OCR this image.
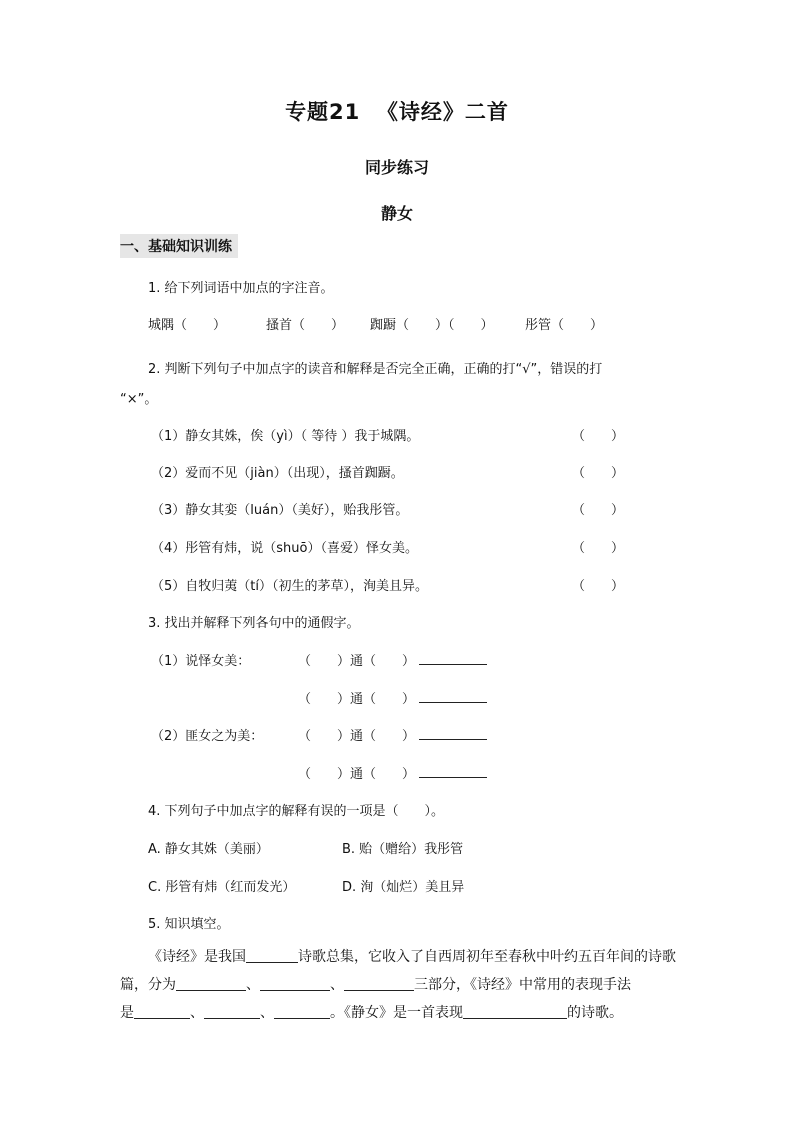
专题21  《诗经》二首
同步练习
静女
一、基础知识训练
1. 给下列词语中加点的字注音。
城隅（　　）	搔首（　　） 踟蹰（　　）（　　） 彤管（　　）
2. 判断下列句子中加点字的读音和解释是否完全正确，正确的打“√”，错误的打
“×”。
（1）静女其姝，俟（yì）（ 等待 ）我于城隅。	（　　）
（2）爱而不见（jiàn）（出现），搔首踟蹰。	（　　）
（3）静女其娈（luán）（美好），贻我彤管。	（　　）
（4）彤管有炜，说（shuō）（喜爱）怿女美。	（　　）
（5）自牧归荑（tí）（初生的茅草），洵美且异。	（　　）
3. 找出并解释下列各句中的通假字。
（1）说怿女美：	（　　）通（　　）
（　　）通（　　）
（2）匪女之为美：	（　　）通（　　）
（　　）通（　　）
4. 下列句子中加点字的解释有误的一项是（　　）。
A. 静女其姝（美丽）	B. 贻（赠给）我彤管
C. 彤管有炜（红而发光）	D. 洵（灿烂）美且异
5. 知识填空。
《诗经》是我国	诗歌总集，它收入了自西周初年至春秋中叶约五百年间的诗歌
篇，分为	、	、	三部分，《诗经》中常用的表现手法
是	、	、	。《静女》是一首表现	的诗歌。
